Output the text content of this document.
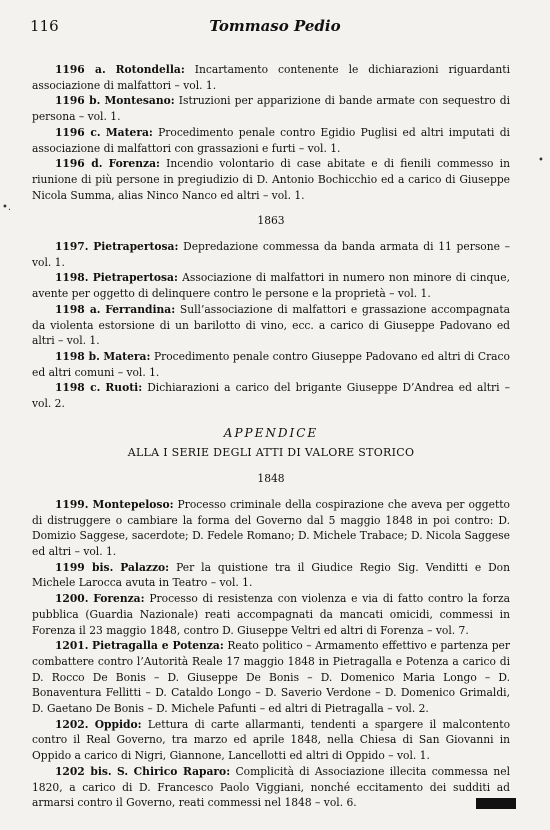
116	Tommaso Pedio

1196 a. Rotondella: Incartamento contenente le dichiarazioni riguardanti associazione di malfattori – vol. 1.

1196 b. Montesano: Istruzioni per apparizione di bande armate con sequestro di persona – vol. 1.

1196 c. Matera: Procedimento penale contro Egidio Puglisi ed altri imputati di associazione di malfattori con grassazioni e furti – vol. 1.

1196 d. Forenza: Incendio volontario di case abitate e di fienili commesso in riunione di più persone in pregiudizio di D. Antonio Bochicchio ed a carico di Giuseppe Nicola Summa, alias Ninco Nanco ed altri – vol. 1.

1863

1197. Pietrapertosa: Depredazione commessa da banda armata di 11 persone – vol. 1.

1198. Pietrapertosa: Associazione di malfattori in numero non minore di cinque, avente per oggetto di delinquere contro le persone e la proprietà – vol. 1.

1198 a. Ferrandina: Sull’associazione di malfattori e grassazione accompagnata da violenta estorsione di un barilotto di vino, ecc. a carico di Giuseppe Padovano ed altri – vol. 1.

1198 b. Matera: Procedimento penale contro Giuseppe Padovano ed altri di Craco ed altri comuni – vol. 1.

1198 c. Ruoti: Dichiarazioni a carico del brigante Giuseppe D’Andrea ed altri – vol. 2.

APPENDICE
ALLA I SERIE DEGLI ATTI DI VALORE STORICO
1848

1199. Montepeloso: Processo criminale della cospirazione che aveva per oggetto di distruggere o cambiare la forma del Governo dal 5 maggio 1848 in poi contro: D. Domizio Saggese, sacerdote; D. Fedele Romano; D. Michele Trabace; D. Nicola Saggese ed altri – vol. 1.

1199 bis. Palazzo: Per la quistione tra il Giudice Regio Sig. Venditti e Don Michele Larocca avuta in Teatro – vol. 1.

1200. Forenza: Processo di resistenza con violenza e via di fatto contro la forza pubblica (Guardia Nazionale) reati accompagnati da mancati omicidi, commessi in Forenza il 23 maggio 1848, contro D. Giuseppe Veltri ed altri di Forenza – vol. 7.

1201. Pietragalla e Potenza: Reato politico – Armamento effettivo e partenza per combattere contro l’Autorità Reale 17 maggio 1848 in Pietragalla e Potenza a carico di D. Rocco De Bonis – D. Giuseppe De Bonis – D. Domenico Maria Longo – D. Bonaventura Fellitti – D. Cataldo Longo – D. Saverio Verdone – D. Domenico Grimaldi, D. Gaetano De Bonis – D. Michele Pafunti – ed altri di Pietragalla – vol. 2.

1202. Oppido: Lettura di carte allarmanti, tendenti a spargere il malcontento contro il Real Governo, tra marzo ed aprile 1848, nella Chiesa di San Giovanni in Oppido a carico di Nigri, Giannone, Lancellotti ed altri di Oppido – vol. 1.

1202 bis. S. Chirico Raparo: Complicità di Associazione illecita commessa nel 1820, a carico di D. Francesco Paolo Viggiani, nonché eccitamento dei sudditi ad armarsi contro il Governo, reati commessi nel 1848 – vol. 6.

•.
•
